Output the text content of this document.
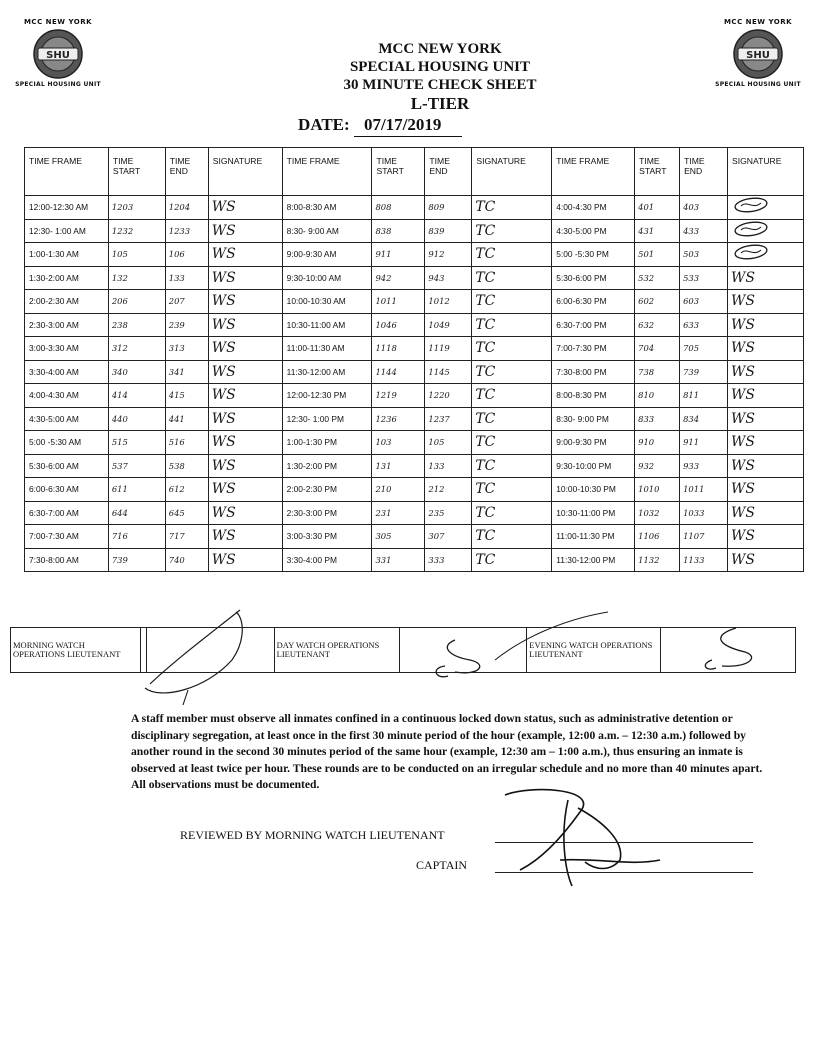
MCC NEW YORK
SHU
SPECIAL HOUSING UNIT
MCC NEW YORK
SHU
SPECIAL HOUSING UNIT
MCC NEW YORK
SPECIAL HOUSING UNIT
30 MINUTE CHECK SHEET
L-TIER
DATE: 07/17/2019
TIME FRAME	TIME START	TIME END	SIGNATURE	TIME FRAME	TIME START	TIME END	SIGNATURE	TIME FRAME	TIME START	TIME END	SIGNATURE
12:00-12:30 AM	1203	1204	WS	8:00-8:30 AM	808	809	TC	4:00-4:30 PM	401	403	
12:30- 1:00 AM	1232	1233	WS	8:30- 9:00 AM	838	839	TC	4:30-5:00 PM	431	433	
1:00-1:30 AM	105	106	WS	9:00-9:30 AM	911	912	TC	5:00 -5:30 PM	501	503	
1:30-2:00 AM	132	133	WS	9:30-10:00 AM	942	943	TC	5:30-6:00 PM	532	533	WS
2:00-2:30 AM	206	207	WS	10:00-10:30 AM	1011	1012	TC	6:00-6:30 PM	602	603	WS
2:30-3:00 AM	238	239	WS	10:30-11:00 AM	1046	1049	TC	6:30-7:00 PM	632	633	WS
3:00-3:30 AM	312	313	WS	11:00-11:30 AM	1118	1119	TC	7:00-7:30 PM	704	705	WS
3:30-4:00 AM	340	341	WS	11:30-12:00 AM	1144	1145	TC	7:30-8:00 PM	738	739	WS
4:00-4:30 AM	414	415	WS	12:00-12:30 PM	1219	1220	TC	8:00-8:30 PM	810	811	WS
4:30-5:00 AM	440	441	WS	12:30- 1:00 PM	1236	1237	TC	8:30- 9:00 PM	833	834	WS
5:00 -5:30 AM	515	516	WS	1:00-1:30 PM	103	105	TC	9:00-9:30 PM	910	911	WS
5:30-6:00 AM	537	538	WS	1:30-2:00 PM	131	133	TC	9:30-10:00 PM	932	933	WS
6:00-6:30 AM	611	612	WS	2:00-2:30 PM	210	212	TC	10:00-10:30 PM	1010	1011	WS
6:30-7:00 AM	644	645	WS	2:30-3:00 PM	231	235	TC	10:30-11:00 PM	1032	1033	WS
7:00-7:30 AM	716	717	WS	3:00-3:30 PM	305	307	TC	11:00-11:30 PM	1106	1107	WS
7:30-8:00 AM	739	740	WS	3:30-4:00 PM	331	333	TC	11:30-12:00 PM	1132	1133	WS
MORNING WATCH OPERATIONS LIEUTENANT			DAY WATCH OPERATIONS LIEUTENANT		EVENING WATCH OPERATIONS LIEUTENANT	
A staff member must observe all inmates confined in a continuous locked down status, such as administrative detention or disciplinary segregation, at least once in the first 30 minute period of the hour (example, 12:00 a.m. – 12:30 a.m.) followed by another round in the second 30 minutes period of the same hour (example, 12:30 am – 1:00 a.m.), thus ensuring an inmate is observed at least twice per hour. These rounds are to be conducted on an irregular schedule and no more than 40 minutes apart. All observations must be documented.
REVIEWED BY MORNING WATCH LIEUTENANT
CAPTAIN
